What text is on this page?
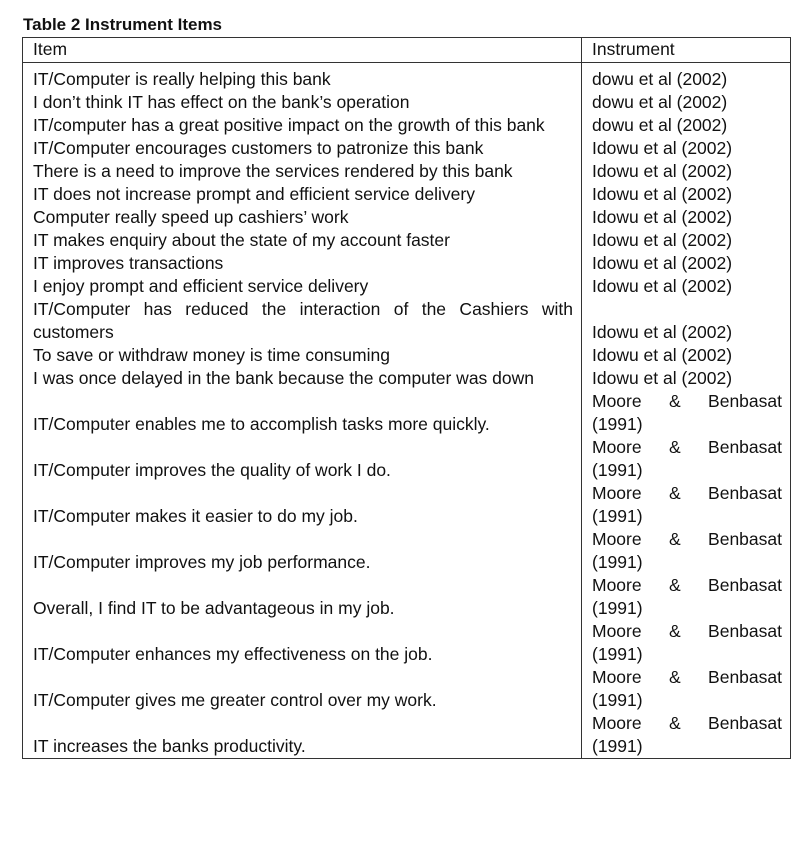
Table 2 Instrument Items
Item	Instrument
IT/Computer is really helping this bank	dowu et al (2002)
I don’t think IT has effect on the bank’s operation	dowu et al (2002)
IT/computer has a great positive impact on the growth of this bank	dowu et al (2002)
IT/Computer encourages customers to patronize this bank	Idowu et al (2002)
There is a need to improve the services rendered by this bank	Idowu et al (2002)
IT does not increase prompt and efficient service delivery	Idowu et al (2002)
Computer really speed up cashiers’ work	Idowu et al (2002)
IT makes enquiry about the state of my account faster	Idowu et al (2002)
IT improves transactions	Idowu et al (2002)
I enjoy prompt and efficient service delivery	Idowu et al (2002)
IT/Computer has reduced the interaction of the Cashiers with customers	Idowu et al (2002)
To save or withdraw money is time consuming	Idowu et al (2002)
I was once delayed in the bank because the computer was down	Idowu et al (2002)
IT/Computer enables me to accomplish tasks more quickly.	Moore & Benbasat
(1991)

IT/Computer improves the quality of work I do.	Moore & Benbasat
(1991)

IT/Computer makes it easier to do my job.	Moore & Benbasat
(1991)

IT/Computer improves my job performance.	Moore & Benbasat
(1991)

Overall, I find IT to be advantageous in my job.	Moore & Benbasat
(1991)

IT/Computer enhances my effectiveness on the job.	Moore & Benbasat
(1991)

IT/Computer gives me greater control over my work.	Moore & Benbasat
(1991)

IT increases the banks productivity.	Moore & Benbasat
(1991)
